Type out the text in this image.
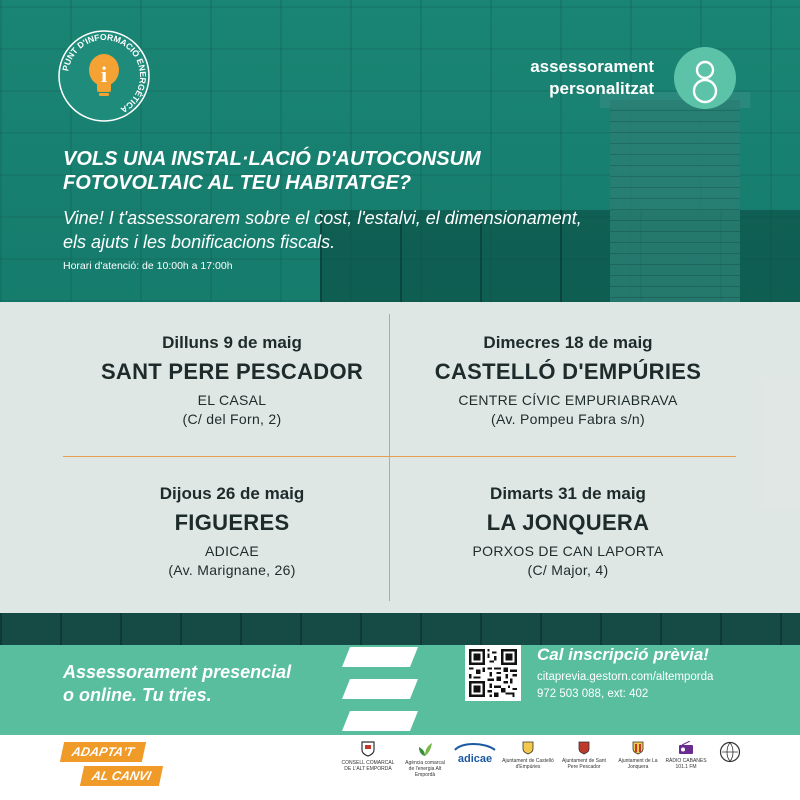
PUNT D'INFORMACIÓ ENERGÈTICA
i	assessorament
personalitzat
VOLS UNA INSTAL·LACIÓ D'AUTOCONSUM
FOTOVOLTAIC AL TEU HABITATGE?
Vine! I t'assessorarem sobre el cost, l'estalvi, el dimensionament,
els ajuts i les bonificacions fiscals.
Horari d'atenció: de 10:00h a 17:00h
Dilluns 9 de maig
SANT PERE PESCADOR
EL CASAL
(C/ del Forn, 2)
Dimecres 18 de maig
CASTELLÓ D'EMPÚRIES
CENTRE CÍVIC EMPURIABRAVA
(Av. Pompeu Fabra s/n)
Dijous 26 de maig
FIGUERES
ADICAE
(Av. Marignane, 26)
Dimarts 31 de maig
LA JONQUERA
PORXOS DE CAN LAPORTA
(C/ Major, 4)
Assessorament presencial
o online. Tu tries.
Cal inscripció prèvia!
citaprevia.gestorn.com/altemporda
972 503 088, ext: 402
ADAPTA'T
AL CANVI
CONSELL COMARCAL DE L'ALT EMPORDÀ
Agència comarcal de l'energia Alt Empordà
adicae	Ajuntament de Castelló d'Empúries
Ajuntament de Sant Pere Pescador
Ajuntament de La Jonquera
RÀDIO CABANES 101.1 FM
